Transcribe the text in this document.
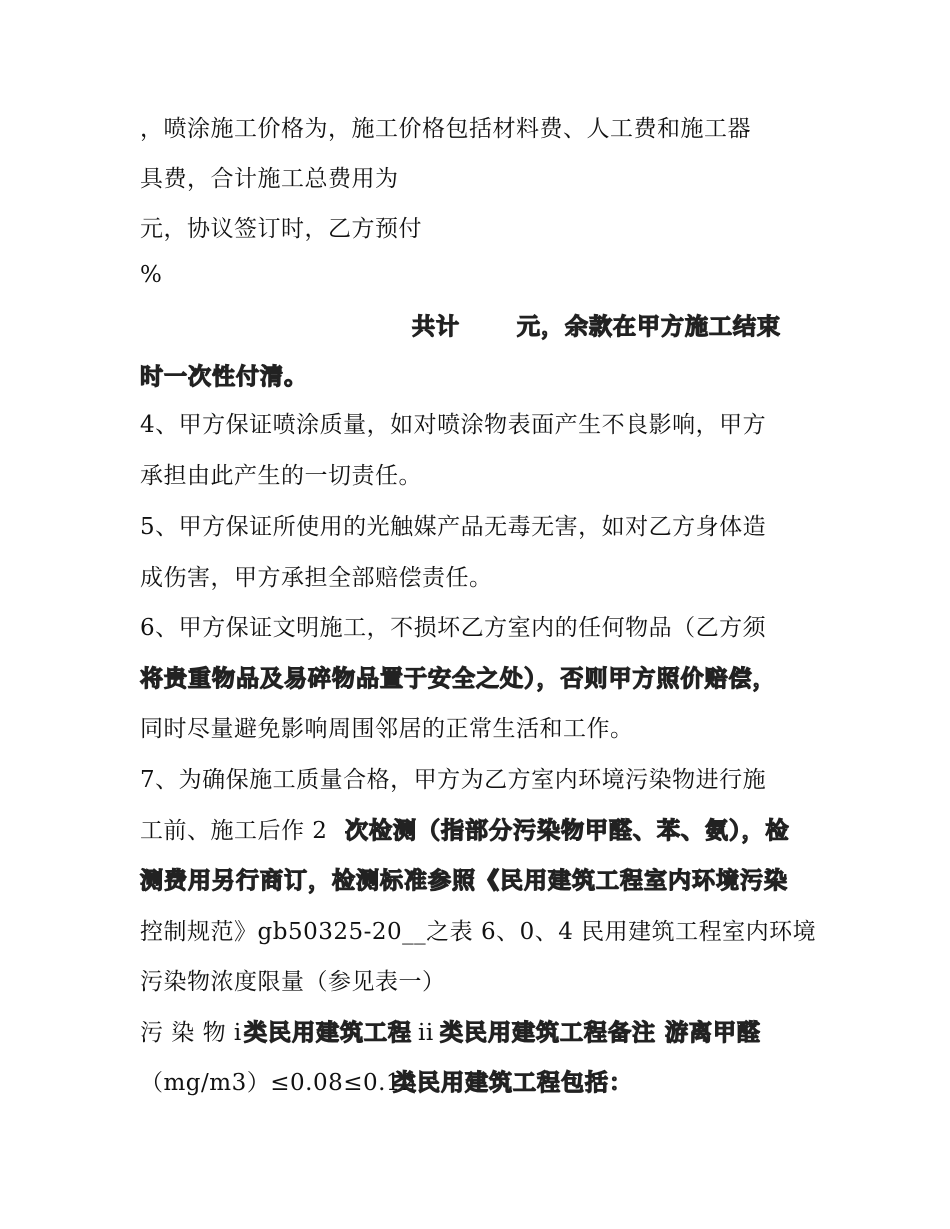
，喷涂施工价格为，施工价格包括材料费、人工费和施工器
具费，合计施工总费用为
元，协议签订时，乙方预付
%
共计 元，余款在甲方施工结束
时一次性付清。
4、甲方保证喷涂质量，如对喷涂物表面产生不良影响，甲方
承担由此产生的一切责任。
5、甲方保证所使用的光触媒产品无毒无害，如对乙方身体造
成伤害，甲方承担全部赔偿责任。
6、甲方保证文明施工，不损坏乙方室内的任何物品（乙方须
将贵重物品及易碎物品置于安全之处），否则甲方照价赔偿，
同时尽量避免影响周围邻居的正常生活和工作。
7、为确保施工质量合格，甲方为乙方室内环境污染物进行施
工前、施工后作 2 次检测（指部分污染物甲醛、苯、氨），检
测费用另行商订，检测标准参照《民用建筑工程室内环境污染
控制规范》gb50325-20__之表 6、0、4 民用建筑工程室内环境
污染物浓度限量（参见表一）
污 染 物 i 类民用建筑工程 ii 类民用建筑工程备注 游离甲醛
（mg/m3）≤0.08≤0.12
类民用建筑工程包括：
